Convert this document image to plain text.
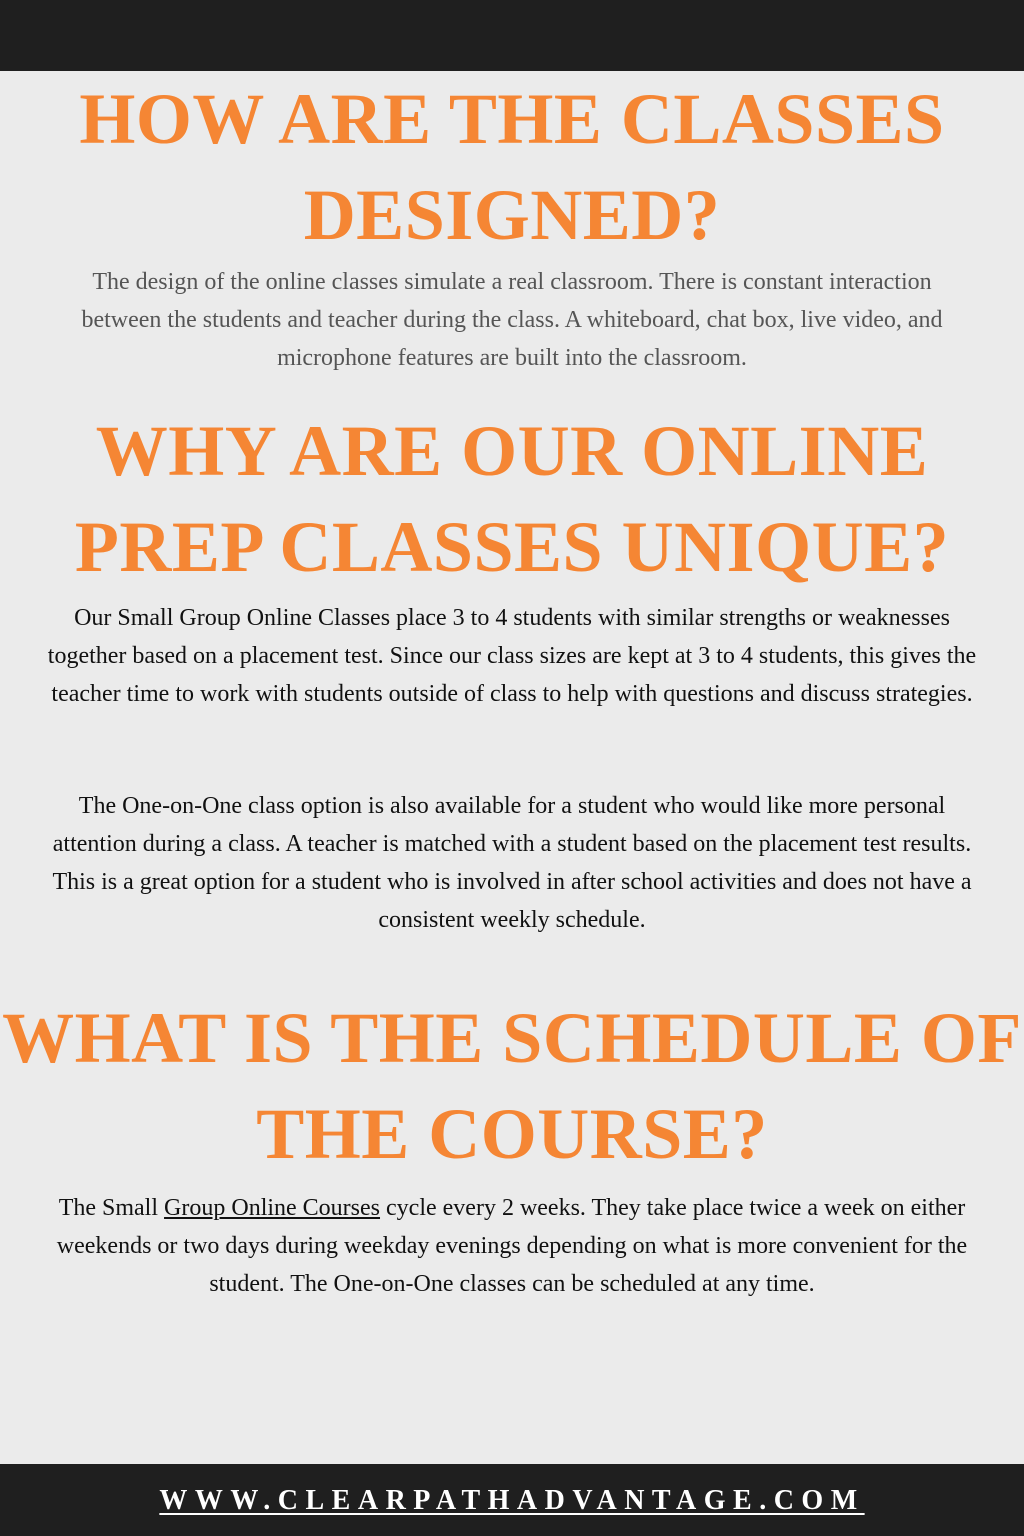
HOW ARE THE CLASSES DESIGNED?

The design of the online classes simulate a real classroom. There is constant interaction between the students and teacher during the class. A whiteboard, chat box, live video, and microphone features are built into the classroom.

WHY ARE OUR ONLINE PREP CLASSES UNIQUE?

Our Small Group Online Classes place 3 to 4 students with similar strengths or weaknesses together based on a placement test. Since our class sizes are kept at 3 to 4 students, this gives the teacher time to work with students outside of class to help with questions and discuss strategies.

The One-on-One class option is also available for a student who would like more personal attention during a class. A teacher is matched with a student based on the placement test results. This is a great option for a student who is involved in after school activities and does not have a consistent weekly schedule.

WHAT IS THE SCHEDULE OF THE COURSE?

The Small Group Online Courses cycle every 2 weeks. They take place twice a week on either weekends or two days during weekday evenings depending on what is more convenient for the student. The One-on-One classes can be scheduled at any time.

WWW.CLEARPATHADVANTAGE.COM
